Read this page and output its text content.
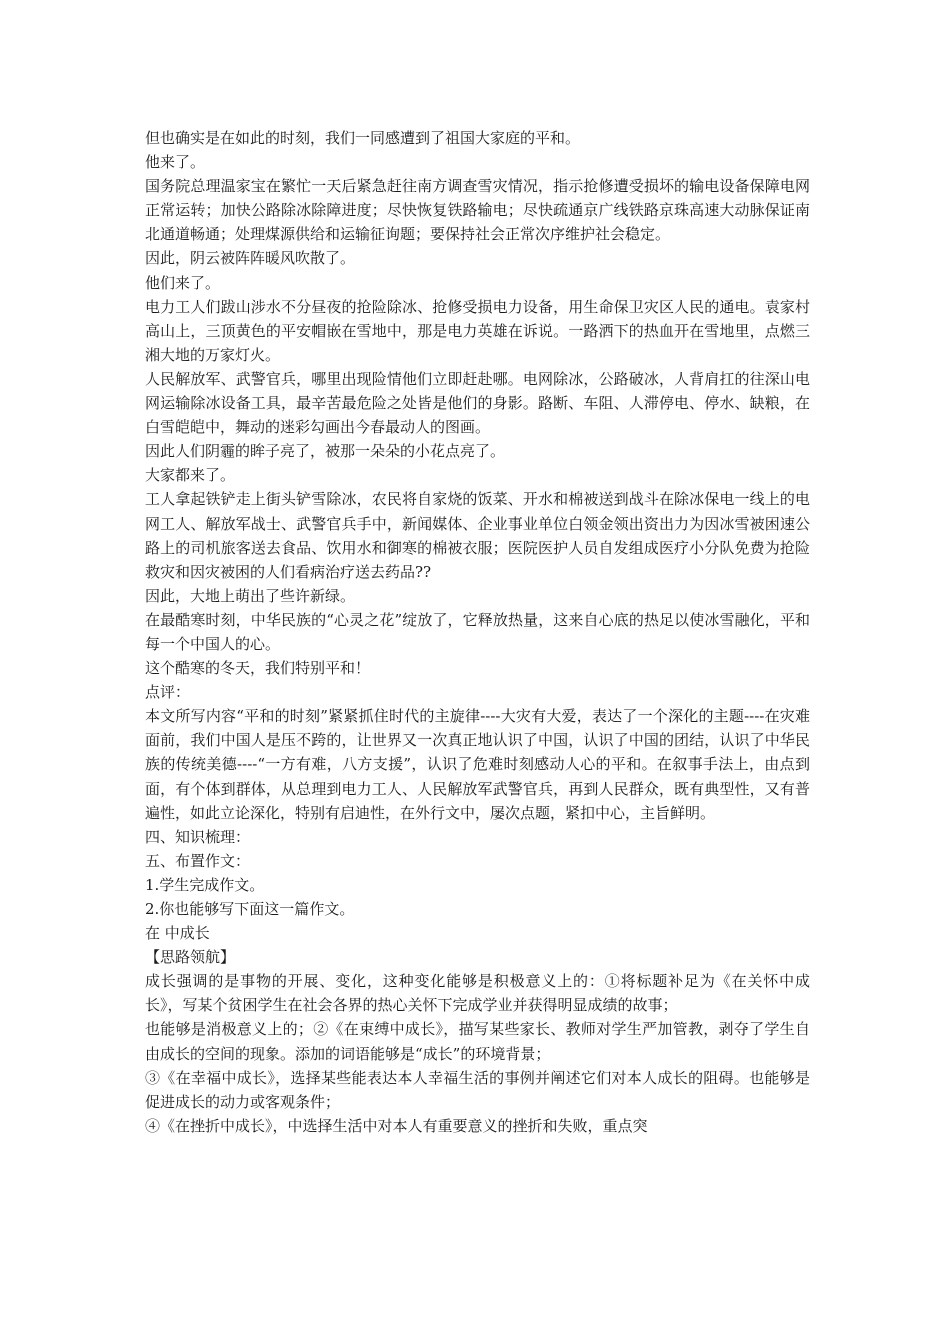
但也确实是在如此的时刻，我们一同感遭到了祖国大家庭的平和。

他来了。

国务院总理温家宝在繁忙一天后紧急赶往南方调查雪灾情况，指示抢修遭受损坏的输电设备保障电网正常运转；加快公路除冰除障进度；尽快恢复铁路输电；尽快疏通京广线铁路京珠高速大动脉保证南北通道畅通；处理煤源供给和运输征询题；要保持社会正常次序维护社会稳定。

因此，阴云被阵阵暖风吹散了。

他们来了。

电力工人们跋山涉水不分昼夜的抢险除冰、抢修受损电力设备，用生命保卫灾区人民的通电。袁家村高山上，三顶黄色的平安帽嵌在雪地中，那是电力英雄在诉说。一路洒下的热血开在雪地里，点燃三湘大地的万家灯火。

人民解放军、武警官兵，哪里出现险情他们立即赶赴哪。电网除冰，公路破冰，人背肩扛的往深山电网运输除冰设备工具，最辛苦最危险之处皆是他们的身影。路断、车阻、人滞停电、停水、缺粮，在白雪皑皑中，舞动的迷彩勾画出今春最动人的图画。

因此人们阴霾的眸子亮了，被那一朵朵的小花点亮了。

大家都来了。

工人拿起铁铲走上街头铲雪除冰，农民将自家烧的饭菜、开水和棉被送到战斗在除冰保电一线上的电网工人、解放军战士、武警官兵手中，新闻媒体、企业事业单位白领金领出资出力为因冰雪被困速公路上的司机旅客送去食品、饮用水和御寒的棉被衣服；医院医护人员自发组成医疗小分队免费为抢险救灾和因灾被困的人们看病治疗送去药品??

因此，大地上萌出了些许新绿。

在最酷寒时刻，中华民族的“心灵之花”绽放了，它释放热量，这来自心底的热足以使冰雪融化，平和每一个中国人的心。

这个酷寒的冬天，我们特别平和！

点评：

本文所写内容“平和的时刻”紧紧抓住时代的主旋律----大灾有大爱，表达了一个深化的主题----在灾难面前，我们中国人是压不跨的，让世界又一次真正地认识了中国，认识了中国的团结，认识了中华民族的传统美德----“一方有难，八方支援”，认识了危难时刻感动人心的平和。在叙事手法上，由点到面，有个体到群体，从总理到电力工人、人民解放军武警官兵，再到人民群众，既有典型性，又有普遍性，如此立论深化，特别有启迪性，在外行文中，屡次点题，紧扣中心，主旨鲜明。

四、知识梳理：

五、布置作文：

1.学生完成作文。

2.你也能够写下面这一篇作文。

在 中成长

【思路领航】

成长强调的是事物的开展、变化，这种变化能够是积极意义上的：①将标题补足为《在关怀中成长》，写某个贫困学生在社会各界的热心关怀下完成学业并获得明显成绩的故事；

也能够是消极意义上的；②《在束缚中成长》，描写某些家长、教师对学生严加管教，剥夺了学生自由成长的空间的现象。添加的词语能够是“成长”的环境背景；

③《在幸福中成长》，选择某些能表达本人幸福生活的事例并阐述它们对本人成长的阻碍。也能够是促进成长的动力或客观条件；

④《在挫折中成长》，中选择生活中对本人有重要意义的挫折和失败，重点突
